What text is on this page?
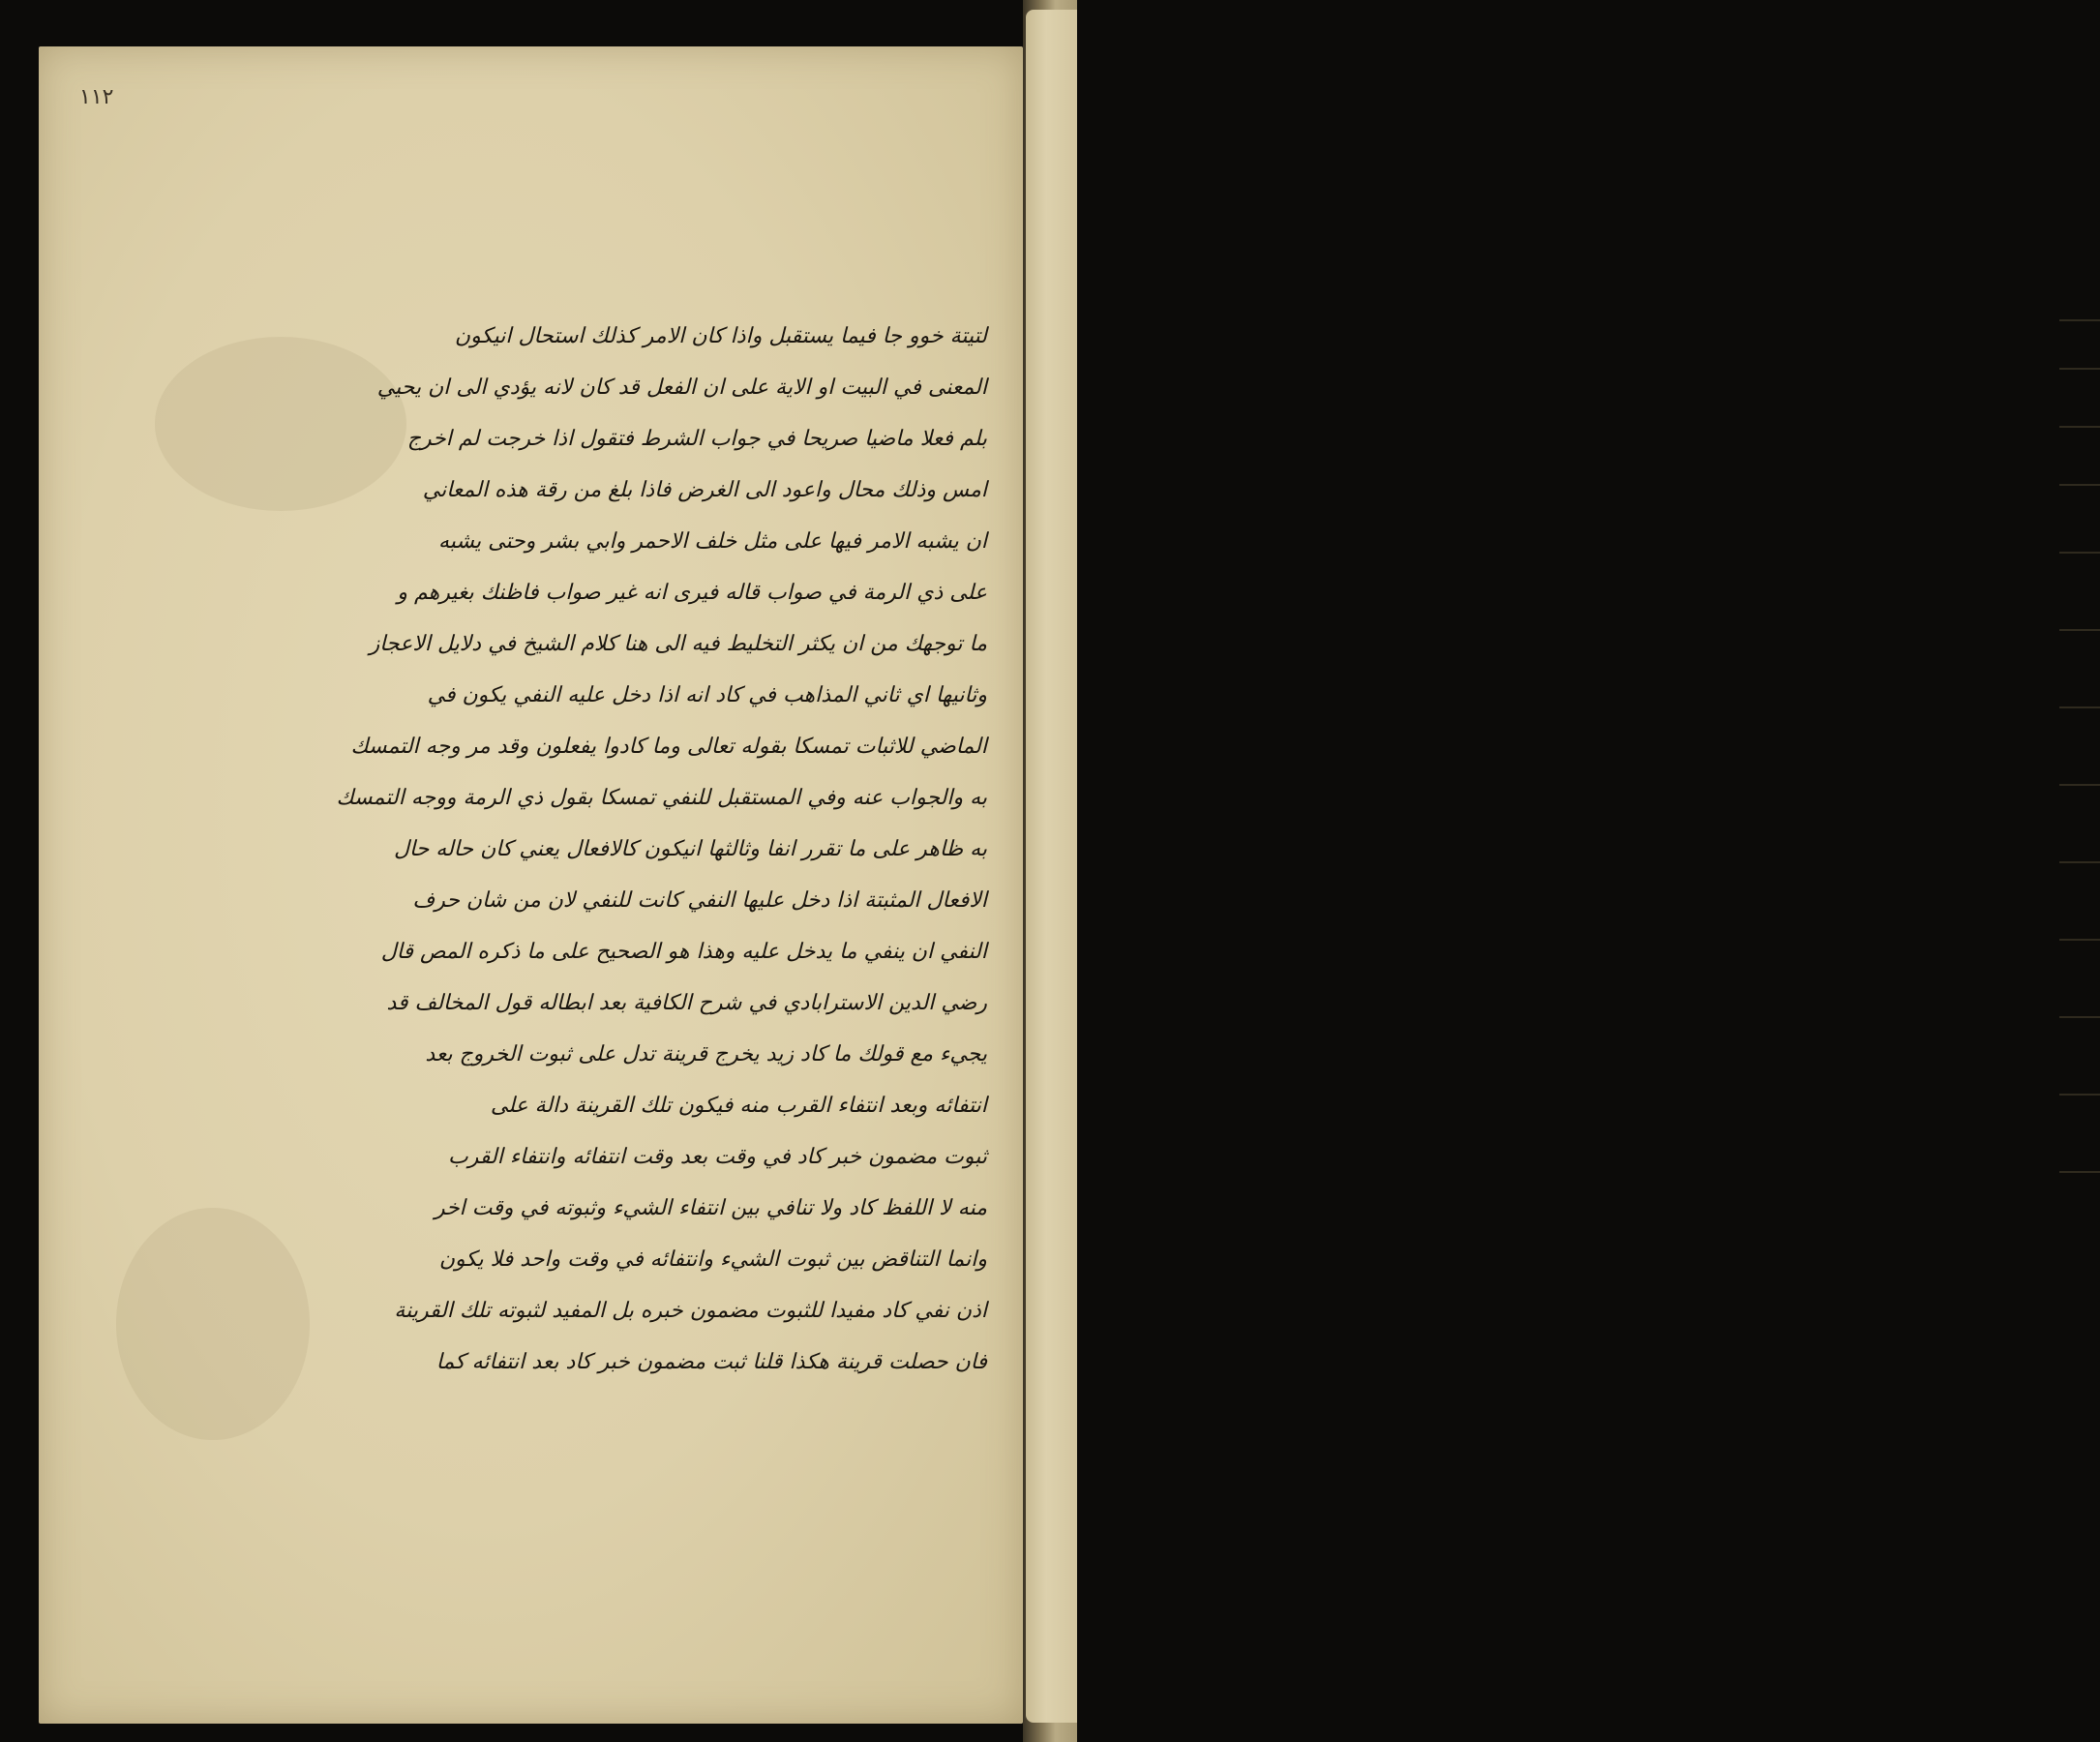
١١٢
لتيتة خوو جا فيما يستقبل واذا كان الامر كذلك استحال انيكون
المعنى في البيت او الاية على ان الفعل قد كان لانه يؤدي الى ان يحيي
بلم فعلا ماضيا صريحا في جواب الشرط فتقول اذا خرجت لم اخرج
امس وذلك محال واعود الى الغرض فاذا بلغ من رقة هذه المعاني
ان يشبه الامر فيها على مثل خلف الاحمر وابي بشر وحتى يشبه
على ذي الرمة في صواب قاله فيرى انه غير صواب فاظنك بغيرهم و
ما توجهك من ان يكثر التخليط فيه الى هنا كلام الشيخ في دلايل الاعجاز
وثانيها اي ثاني المذاهب في كاد انه اذا دخل عليه النفي يكون في
الماضي للاثبات تمسكا بقوله تعالى وما كادوا يفعلون وقد مر وجه التمسك
به والجواب عنه وفي المستقبل للنفي تمسكا بقول ذي الرمة ووجه التمسك
به ظاهر على ما تقرر انفا وثالثها انيكون كالافعال يعني كان حاله حال
الافعال المثبتة اذا دخل عليها النفي كانت للنفي لان من شان حرف
النفي ان ينفي ما يدخل عليه وهذا هو الصحيح على ما ذكره المص قال
رضي الدين الاسترابادي في شرح الكافية بعد ابطاله قول المخالف قد
يجيء مع قولك ما كاد زيد يخرج قرينة تدل على ثبوت الخروج بعد
انتفائه وبعد انتفاء القرب منه فيكون تلك القرينة دالة على
ثبوت مضمون خبر كاد في وقت بعد وقت انتفائه وانتفاء القرب
منه لا اللفظ كاد ولا تنافي بين انتفاء الشيء وثبوته في وقت اخر
وانما التناقض بين ثبوت الشيء وانتفائه في وقت واحد فلا يكون
اذن نفي كاد مفيدا للثبوت مضمون خبره بل المفيد لثبوته تلك القرينة
فان حصلت قرينة هكذا قلنا ثبت مضمون خبر كاد بعد انتفائه كما
